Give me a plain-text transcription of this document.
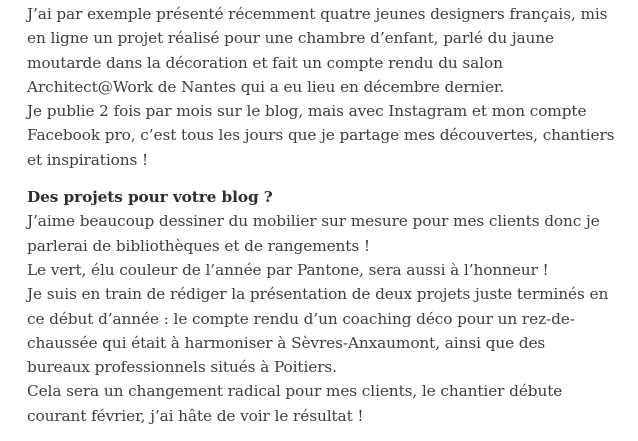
J’ai par exemple présenté récemment quatre jeunes designers français, mis
en ligne un projet réalisé pour une chambre d’enfant, parlé du jaune
moutarde dans la décoration et fait un compte rendu du salon
Architect@Work de Nantes qui a eu lieu en décembre dernier.
Je publie 2 fois par mois sur le blog, mais avec Instagram et mon compte
Facebook pro, c’est tous les jours que je partage mes découvertes, chantiers
et inspirations !

Des projets pour votre blog ?
J’aime beaucoup dessiner du mobilier sur mesure pour mes clients donc je
parlerai de bibliothèques et de rangements !
Le vert, élu couleur de l’année par Pantone, sera aussi à l’honneur !
Je suis en train de rédiger la présentation de deux projets juste terminés en
ce début d’année : le compte rendu d’un coaching déco pour un rez-de-
chaussée qui était à harmoniser à Sèvres-Anxaumont, ainsi que des
bureaux professionnels situés à Poitiers.
Cela sera un changement radical pour mes clients, le chantier débute
courant février, j’ai hâte de voir le résultat !
